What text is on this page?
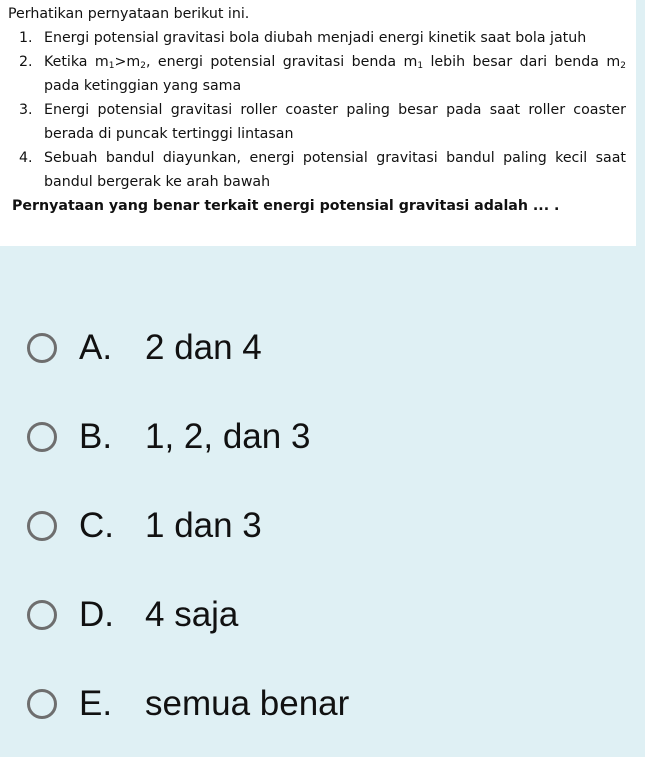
Perhatikan pernyataan berikut ini.

1. Energi potensial gravitasi bola diubah menjadi energi kinetik saat bola jatuh
2. Ketika $m_1>m_2$, energi potensial gravitasi benda $m_1$ lebih besar dari benda $m_2$ pada ketinggian yang sama
3. Energi potensial gravitasi roller coaster paling besar pada saat roller coaster berada di puncak tertinggi lintasan
4. Sebuah bandul diayunkan, energi potensial gravitasi bandul paling kecil saat bandul bergerak ke arah bawah

Pernyataan yang benar terkait energi potensial gravitasi adalah ... .

A. 2 dan 4
B. 1, 2, dan 3
C. 1 dan 3
D. 4 saja
E. semua benar
